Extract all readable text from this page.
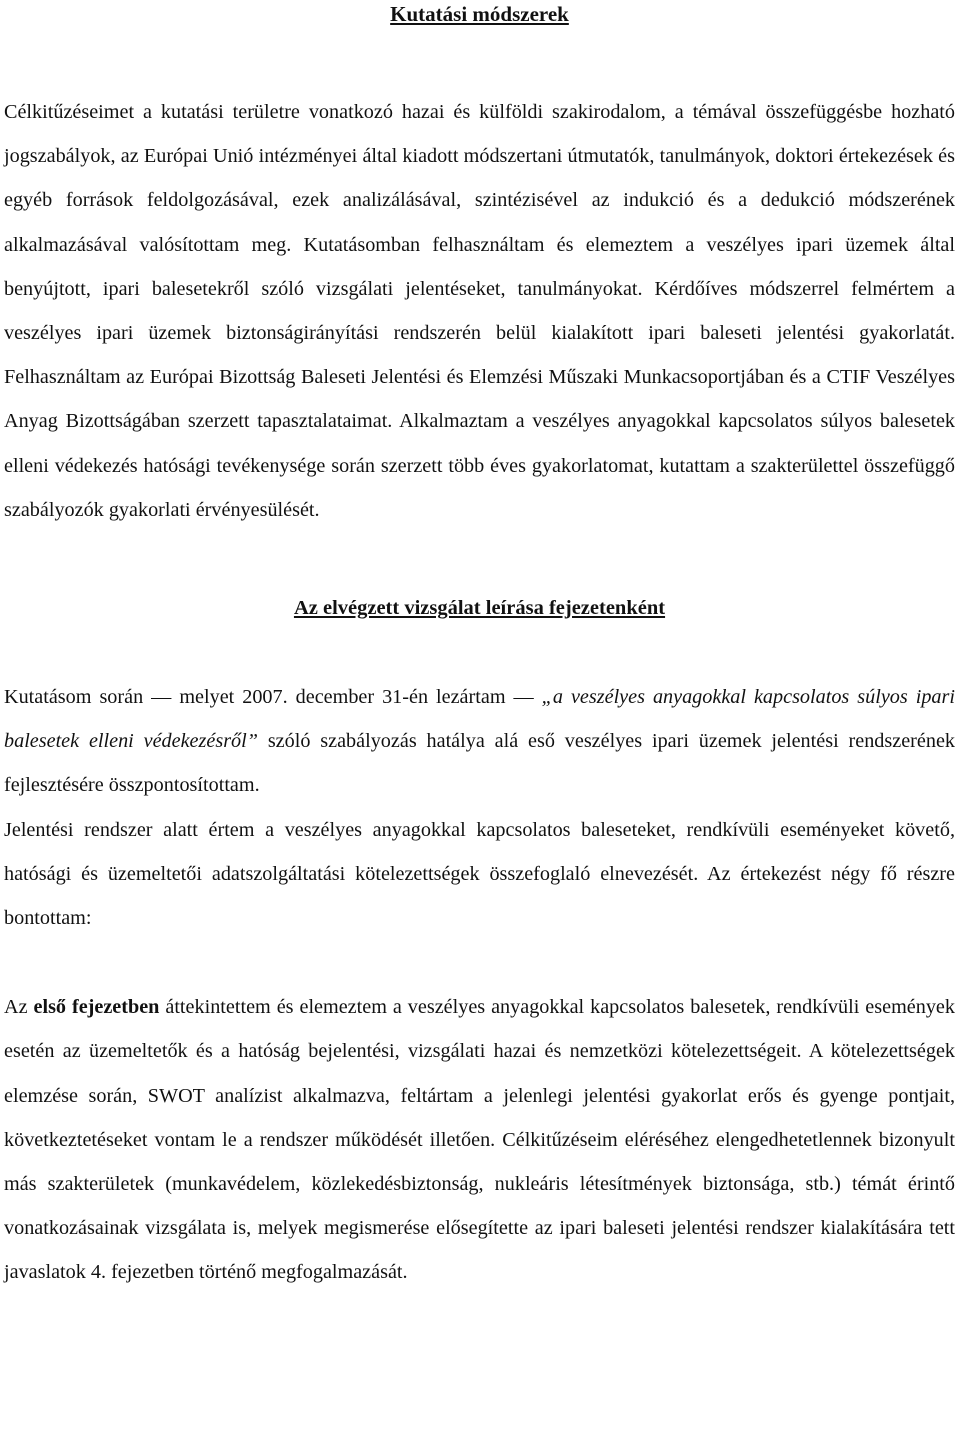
Kutatási módszerek

Célkitűzéseimet a kutatási területre vonatkozó hazai és külföldi szakirodalom, a témával összefüggésbe hozható jogszabályok, az Európai Unió intézményei által kiadott módszertani útmutatók, tanulmányok, doktori értekezések és egyéb források feldolgozásával, ezek analizálásával, szintézisével az indukció és a dedukció módszerének alkalmazásával valósítottam meg. Kutatásomban felhasználtam és elemeztem a veszélyes ipari üzemek által benyújtott, ipari balesetekről szóló vizsgálati jelentéseket, tanulmányokat. Kérdőíves módszerrel felmértem a veszélyes ipari üzemek biztonságirányítási rendszerén belül kialakított ipari baleseti jelentési gyakorlatát. Felhasználtam az Európai Bizottság Baleseti Jelentési és Elemzési Műszaki Munkacsoportjában és a CTIF Veszélyes Anyag Bizottságában szerzett tapasztalataimat. Alkalmaztam a veszélyes anyagokkal kapcsolatos súlyos balesetek elleni védekezés hatósági tevékenysége során szerzett több éves gyakorlatomat, kutattam a szakterülettel összefüggő szabályozók gyakorlati érvényesülését.

Az elvégzett vizsgálat leírása fejezetenként

Kutatásom során — melyet 2007. december 31-én lezártam — „a veszélyes anyagokkal kapcsolatos súlyos ipari balesetek elleni védekezésről” szóló szabályozás hatálya alá eső veszélyes ipari üzemek jelentési rendszerének fejlesztésére összpontosítottam.

Jelentési rendszer alatt értem a veszélyes anyagokkal kapcsolatos baleseteket, rendkívüli eseményeket követő, hatósági és üzemeltetői adatszolgáltatási kötelezettségek összefoglaló elnevezését. Az értekezést négy fő részre bontottam:

Az első fejezetben áttekintettem és elemeztem a veszélyes anyagokkal kapcsolatos balesetek, rendkívüli események esetén az üzemeltetők és a hatóság bejelentési, vizsgálati hazai és nemzetközi kötelezettségeit. A kötelezettségek elemzése során, SWOT analízist alkalmazva, feltártam a jelenlegi jelentési gyakorlat erős és gyenge pontjait, következtetéseket vontam le a rendszer működését illetően. Célkitűzéseim eléréséhez elengedhetetlennek bizonyult más szakterületek (munkavédelem, közlekedésbiztonság, nukleáris létesítmények biztonsága, stb.) témát érintő vonatkozásainak vizsgálata is, melyek megismerése elősegítette az ipari baleseti jelentési rendszer kialakítására tett javaslatok 4. fejezetben történő megfogalmazását.
